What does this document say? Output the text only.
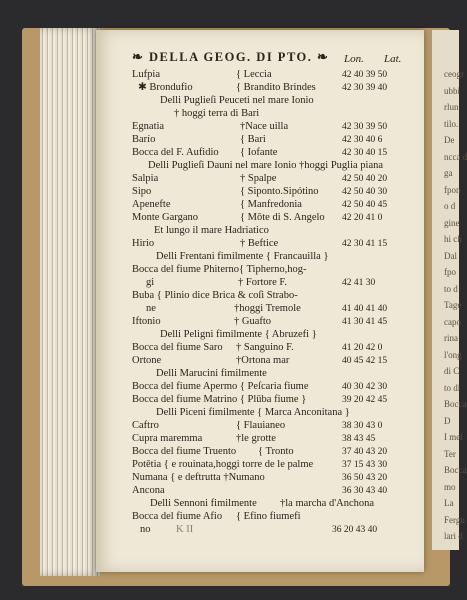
ceogr
ubbi
rlun
tilo.
De
ncca d
ga
fpon
o d
gine
hi ch
Dal
fpo
to d
Tage
capo
rina
l'ong
di C
to di
Bocca
D
I mel
Ter
Bocca
mo
La
Fergu
lari d
❧ DELLA GEOG. DI PTO. ❧ Lon. Lat.
Lufpia	{ Leccia	42 40 39 50
✱ Brondufio	{ Brandito Brindes	42 30 39 40
Delli Puglieſi Peuceti nel mare Ionio
† hoggi terra di Bari
Egnatia	†Nace uilla	42 30 39 50
Barío	{ Bari	42 30 40 6
Bocca del F. Aufidio { Iofante	42 30 40 15
Delli Puglieſi Dauni nel mare Ionio †hoggi Puglia piana
Salpia	† Spalpe	42 50 40 20
Sipo	{ Siponto.Sipótino 42 50 40 30
Apenefte	{ Manfredonia	42 50 40 45
Monte Gargano	{ Mōte di S. Angelo 42 20 41 0
Et lungo il mare Hadriatico
Hirio	† Beftice	42 30 41 15
Delli Frentani fimilmente { Francauilla }
Bocca del fiume Phiterno{ Tipherno,hog-
gi	† Fortore F.	42 41 30
Buba { Plinio dice Brica & coſi Strabo-
ne	†hoggi Tremole	41 40 41 40
Iftonio	† Guafto	41 30 41 45
Delli Peligni fimilmente { Abruzefi }
Bocca del fiume Saro † Sanguino F.	41 20 42 0
Ortone	†Ortona mar	40 45 42 15
Delli Marucini fimilmente
Bocca del fiume Apermo { Peſcaria fiume	40 30 42 30
Bocca del fiume Matrino { Plūba fiume }	39 20 42 45
Delli Piceni fimilmente { Marca Anconitana }
Caftro	{ Flauianeo	38 30 43 0
Cupra maremma	†le grotte	38 43 45
Bocca del fiume Truento { Tronto	37 40 43 20
Potētia { e rouinata,hoggi torre de le palme	37 15 43 30
Numana { e deftrutta †Numano	36 50 43 20
Ancona	36 30 43 40
Delli Sennoni fimilmente †la marcha d'Anchona
Bocca del fiume Afio { Efino fiumefi
no K II	36 20 43 40
